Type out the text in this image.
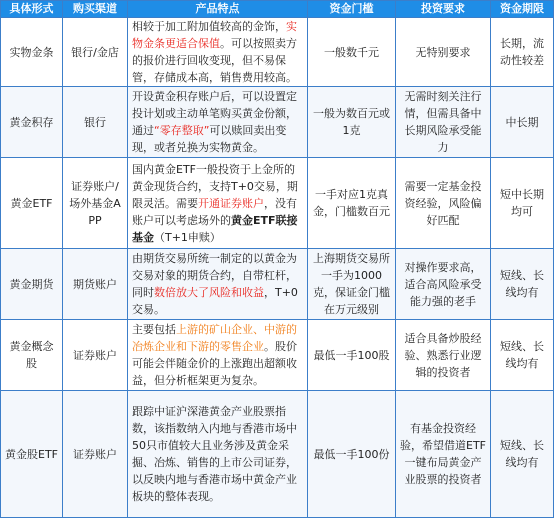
具体形式	购买渠道	产品特点	资金门槛	投资要求	资金期限
实物金条	银行/金店	相较于加工附加值较高的金饰，实物金条更适合保值。可以按照卖方的报价进行回收变现，但不易保管，存储成本高，销售费用较高。	一般数千元	无特别要求	长期，流动性较差
黄金积存	银行	开设黄金积存账户后，可以设置定投计划或主动单笔购买黄金份额，通过“零存整取”可以赎回卖出变现，或者兑换为实物黄金。	一般为数百元或1克	无需时刻关注行情，但需具备中长期风险承受能力	中长期
黄金ETF	证券账户/场外基金APP	国内黄金ETF一般投资于上金所的黄金现货合约，支持T+0交易，期限灵活。需要开通证券账户，没有账户可以考虑场外的黄金ETF联接基金（T+1申赎）	一手对应1克真金，门槛数百元	需要一定基金投资经验，风险偏好匹配	短中长期均可
黄金期货	期货账户	由期货交易所统一制定的以黄金为交易对象的期货合约，自带杠杆，同时数倍放大了风险和收益，T+0交易。	上海期货交易所一手为1000克，保证金门槛在万元级别	对操作要求高，适合高风险承受能力强的老手	短线、长线均有
黄金概念股	证券账户	主要包括上游的矿山企业、中游的冶炼企业和下游的零售企业。股价可能会伴随金价的上涨跑出超额收益，但分析框架更为复杂。	最低一手100股	适合具备炒股经验、熟悉行业逻辑的投资者	短线、长线均有
黄金股ETF	证券账户	跟踪中证沪深港黄金产业股票指数，该指数纳入内地与香港市场中50只市值较大且业务涉及黄金采掘、冶炼、销售的上市公司证券，以反映内地与香港市场中黄金产业板块的整体表现。	最低一手100份	有基金投资经验，希望借道ETF一键布局黄金产业股票的投资者	短线、长线均有
